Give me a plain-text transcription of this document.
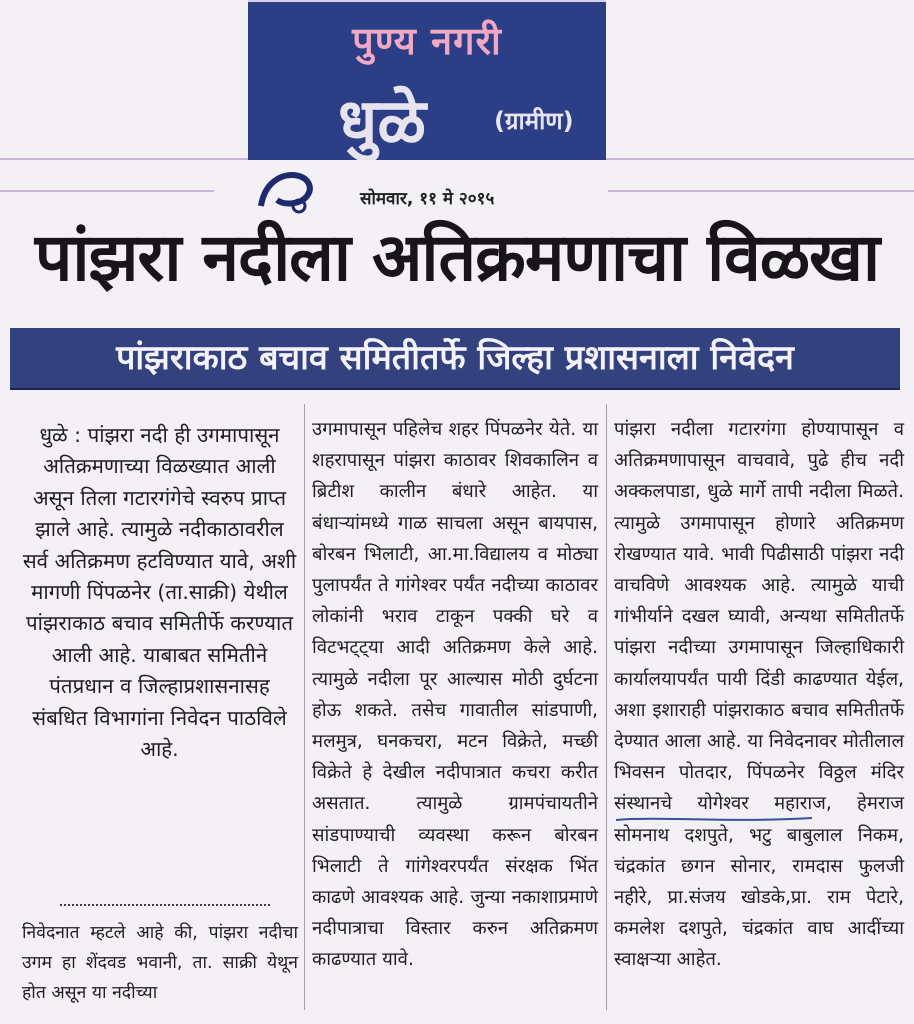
पुण्य नगरी
धुळे	(ग्रामीण)
सोमवार, ११ मे २०१५
पांझरा नदीला अतिक्रमणाचा विळखा
पांझराकाठ बचाव समितीतर्फे जिल्हा प्रशासनाला निवेदन
धुळे : पांझरा नदी ही उगमापासून अतिक्रमणाच्या विळख्यात आली असून तिला गटारगंगेचे स्वरुप प्राप्त झाले आहे. त्यामुळे नदीकाठावरील सर्व अतिक्रमण हटविण्यात यावे, अशी मागणी पिंपळनेर (ता.साक्री) येथील पांझराकाठ बचाव समितीर्फे करण्यात आली आहे. याबाबत समितीने पंतप्रधान व जिल्हाप्रशासनासह संबधित विभागांना निवेदन पाठविले आहे.
निवेदनात म्हटले आहे की, पांझरा नदीचा उगम हा शेंदवड भवानी, ता. साक्री येथून होत असून या नदीच्या
उगमापासून पहिलेच शहर पिंपळनेर येते. या शहरापासून पांझरा काठावर शिवकालिन व ब्रिटीश कालीन बंधारे आहेत. या बंधाऱ्यांमध्ये गाळ साचला असून बायपास, बोरबन भिलाटी, आ.मा.विद्यालय व मोठ्या पुलापर्यंत ते गांगेश्वर पर्यंत नदीच्या काठावर लोकांनी भराव टाकून पक्की घरे व विटभट्ट्या आदी अतिक्रमण केले आहे. त्यामुळे नदीला पूर आल्यास मोठी दुर्घटना होऊ शकते. तसेच गावातील सांडपाणी, मलमुत्र, घनकचरा, मटन विक्रेते, मच्छी विक्रेते हे देखील नदीपात्रात कचरा करीत असतात. त्यामुळे ग्रामपंचायतीने सांडपाण्याची व्यवस्था करून बोरबन भिलाटी ते गांगेश्वरपर्यंत संरक्षक भिंत काढणे आवश्यक आहे. जुन्या नकाशाप्रमाणे नदीपात्राचा विस्तार करुन अतिक्रमण काढण्यात यावे.
पांझरा नदीला गटारगंगा होण्यापासून व अतिक्रमणापासून वाचवावे, पुढे हीच नदी अक्कलपाडा, धुळे मार्गे तापी नदीला मिळते. त्यामुळे उगमापासून होणारे अतिक्रमण रोखण्यात यावे. भावी पिढीसाठी पांझरा नदी वाचविणे आवश्यक आहे. त्यामुळे याची गांभीर्याने दखल घ्यावी, अन्यथा समितीतर्फे पांझरा नदीच्या उगमापासून जिल्हाधिकारी कार्यालयापर्यंत पायी दिंडी काढण्यात येईल, अशा इशाराही पांझराकाठ बचाव समितीतर्फे देण्यात आला आहे. या निवेदनावर मोतीलाल भिवसन पोतदार, पिंपळनेर विठ्ठल मंदिर संस्थानचे योगेश्वर महाराज, हेमराज सोमनाथ दशपुते, भटु बाबुलाल निकम, चंद्रकांत छगन सोनार, रामदास फुलजी नहीरे, प्रा.संजय खोडके,प्रा. राम पेटारे, कमलेश दशपुते, चंद्रकांत वाघ आदींच्या स्वाक्षऱ्या आहेत.
